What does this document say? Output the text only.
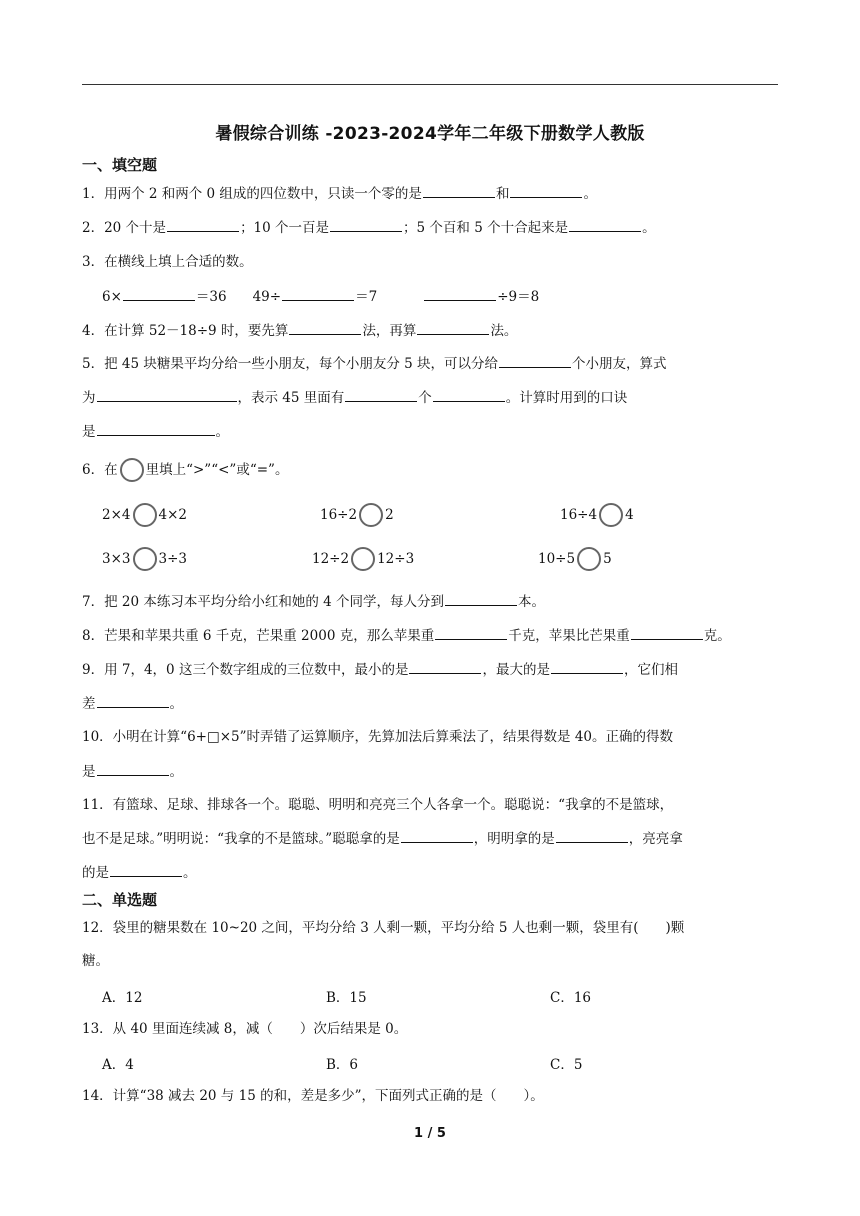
暑假综合训练 -2023-2024学年二年级下册数学人教版
一、填空题
1．用两个 2 和两个 0 组成的四位数中，只读一个零的是	和	。
2．20 个十是	；10 个一百是	；5 个百和 5 个十合起来是	。
3．在横线上填上合适的数。
6×	＝36 49÷	＝7	÷9＝8
4．在计算 52－18÷9 时，要先算	法，再算	法。
5．把 45 块糖果平均分给一些小朋友，每个小朋友分 5 块，可以分给	个小朋友，算式
为	，表示 45 里面有	个	。计算时用到的口诀
是	。
6．在 里填上“>”“<”或“=”。
2×4 4×2	16÷2 2	16÷4 4
3×3 3÷3	12÷2 12÷3	10÷5 5
7．把 20 本练习本平均分给小红和她的 4 个同学，每人分到	本。
8．芒果和苹果共重 6 千克，芒果重 2000 克，那么苹果重	千克，苹果比芒果重	克。
9．用 7，4，0 这三个数字组成的三位数中，最小的是	，最大的是	，它们相
差	。
10．小明在计算“6+□×5”时弄错了运算顺序，先算加法后算乘法了，结果得数是 40。正确的得数
是	。
11．有篮球、足球、排球各一个。聪聪、明明和亮亮三个人各拿一个。聪聪说：“我拿的不是篮球，
也不是足球。”明明说：“我拿的不是篮球。”聪聪拿的是	，明明拿的是	，亮亮拿
的是	。
二、单选题
12．袋里的糖果数在 10~20 之间，平均分给 3 人剩一颗，平均分给 5 人也剩一颗，袋里有(　　)颗
糖。
A．12	B．15	C．16
13．从 40 里面连续减 8，减（　　）次后结果是 0。
A．4	B．6	C．5
14．计算“38 减去 20 与 15 的和，差是多少”，下面列式正确的是（　　）。
1 / 5
